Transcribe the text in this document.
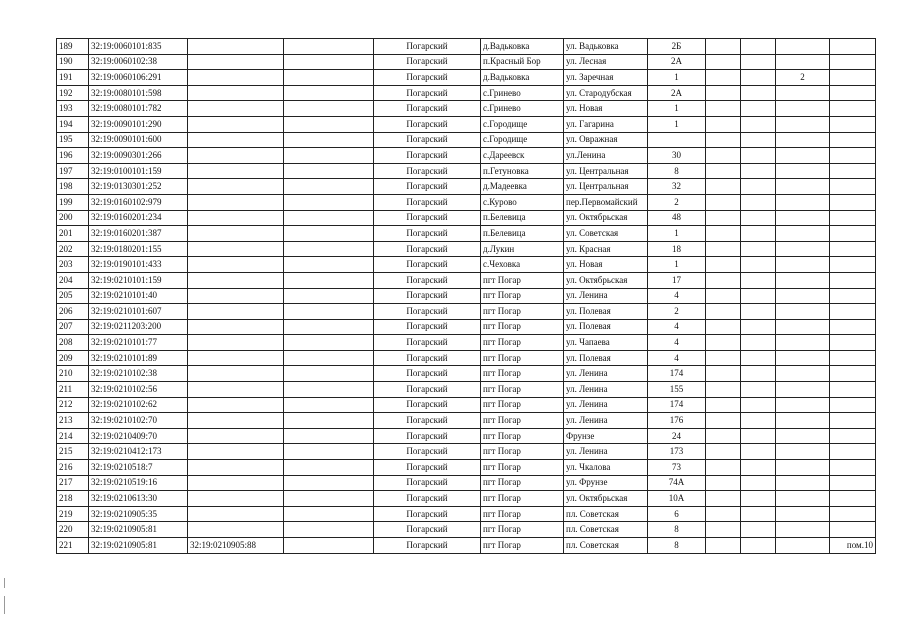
189	32:19:0060101:835			Погарский	д.Вадьковка	ул. Вадьковка	2Б				
190	32:19:0060102:38			Погарский	п.Красный Бор	ул. Лесная	2А				
191	32:19:0060106:291			Погарский	д.Вадьковка	ул. Заречная	1			2	
192	32:19:0080101:598			Погарский	с.Гринево	ул. Стародубская	2А				
193	32:19:0080101:782			Погарский	с.Гринево	ул. Новая	1				
194	32:19:0090101:290			Погарский	с.Городище	ул. Гагарина	1				
195	32:19:0090101:600			Погарский	с.Городище	ул. Овражная					
196	32:19:0090301:266			Погарский	с.Дареевск	ул.Ленина	30				
197	32:19:0100101:159			Погарский	п.Гетуновка	ул. Центральная	8				
198	32:19:0130301:252			Погарский	д.Мадеевка	ул. Центральная	32				
199	32:19:0160102:979			Погарский	с.Курово	пер.Первомайский	2				
200	32:19:0160201:234			Погарский	п.Белевица	ул. Октябрьская	48				
201	32:19:0160201:387			Погарский	п.Белевица	ул. Советская	1				
202	32:19:0180201:155			Погарский	д.Лукин	ул. Красная	18				
203	32:19:0190101:433			Погарский	с.Чеховка	ул. Новая	1				
204	32:19:0210101:159			Погарский	пгт Погар	ул. Октябрьская	17				
205	32:19:0210101:40			Погарский	пгт Погар	ул. Ленина	4				
206	32:19:0210101:607			Погарский	пгт Погар	ул. Полевая	2				
207	32:19:0211203:200			Погарский	пгт Погар	ул. Полевая	4				
208	32:19:0210101:77			Погарский	пгт Погар	ул. Чапаева	4				
209	32:19:0210101:89			Погарский	пгт Погар	ул. Полевая	4				
210	32:19:0210102:38			Погарский	пгт Погар	ул. Ленина	174				
211	32:19:0210102:56			Погарский	пгт Погар	ул. Ленина	155				
212	32:19:0210102:62			Погарский	пгт Погар	ул. Ленина	174				
213	32:19:0210102:70			Погарский	пгт Погар	ул. Ленина	176				
214	32:19:0210409:70			Погарский	пгт Погар	Фрунзе	24				
215	32:19:0210412:173			Погарский	пгт Погар	ул. Ленина	173				
216	32:19:0210518:7			Погарский	пгт Погар	ул. Чкалова	73				
217	32:19:0210519:16			Погарский	пгт Погар	ул. Фрунзе	74А				
218	32:19:0210613:30			Погарский	пгт Погар	ул. Октябрьская	10А				
219	32:19:0210905:35			Погарский	пгт Погар	пл. Советская	6				
220	32:19:0210905:81			Погарский	пгт Погар	пл. Советская	8				
221	32:19:0210905:81	32:19:0210905:88		Погарский	пгт Погар	пл. Советская	8				пом.10
